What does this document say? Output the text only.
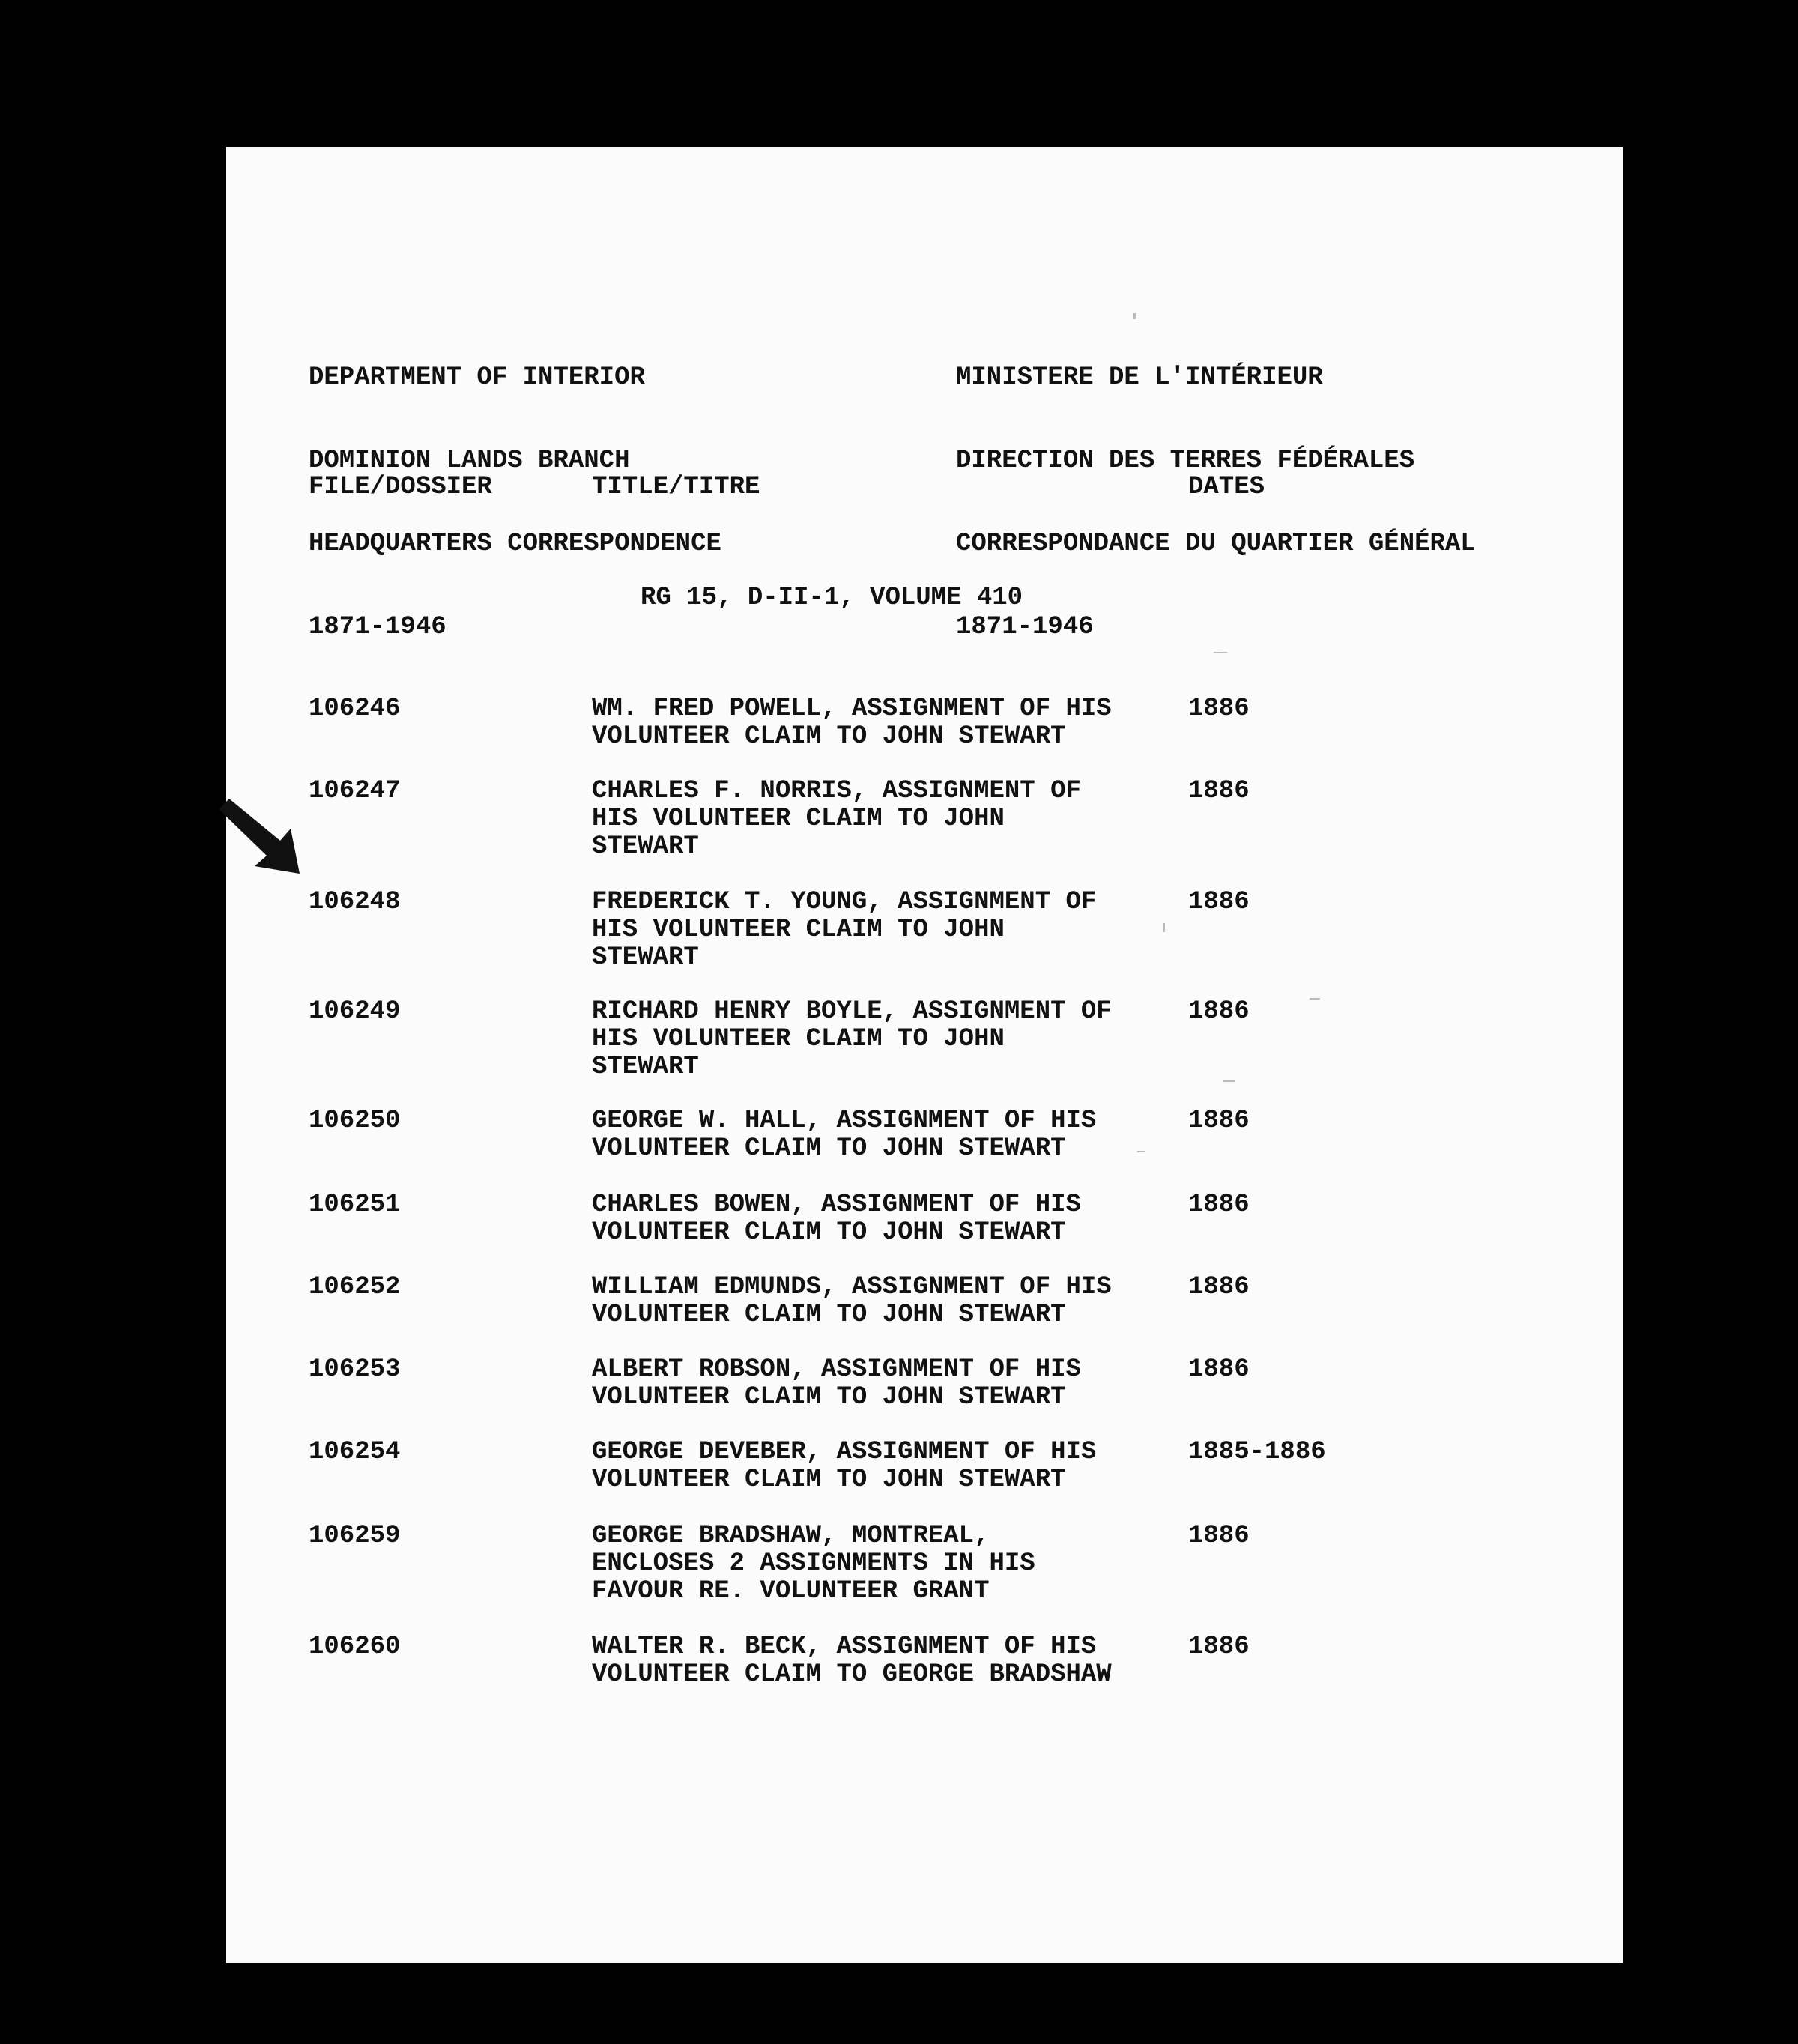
DEPARTMENT OF INTERIOR

DOMINION LANDS BRANCH

HEADQUARTERS CORRESPONDENCE

1871-1946

MINISTERE DE L'INTÉRIEUR

DIRECTION DES TERRES FÉDÉRALES

CORRESPONDANCE DU QUARTIER GÉNÉRAL

1871-1946

FILE/DOSSIER	TITLE/TITRE	DATES
RG 15, D-II-1, VOLUME 410
106246	WM. FRED POWELL, ASSIGNMENT OF HIS
VOLUNTEER CLAIM TO JOHN STEWART
1886
106247	CHARLES F. NORRIS, ASSIGNMENT OF
HIS VOLUNTEER CLAIM TO JOHN
STEWART
1886
106248	FREDERICK T. YOUNG, ASSIGNMENT OF
HIS VOLUNTEER CLAIM TO JOHN
STEWART
1886
106249	RICHARD HENRY BOYLE, ASSIGNMENT OF
HIS VOLUNTEER CLAIM TO JOHN
STEWART
1886
106250	GEORGE W. HALL, ASSIGNMENT OF HIS
VOLUNTEER CLAIM TO JOHN STEWART
1886
106251	CHARLES BOWEN, ASSIGNMENT OF HIS
VOLUNTEER CLAIM TO JOHN STEWART
1886
106252	WILLIAM EDMUNDS, ASSIGNMENT OF HIS
VOLUNTEER CLAIM TO JOHN STEWART
1886
106253	ALBERT ROBSON, ASSIGNMENT OF HIS
VOLUNTEER CLAIM TO JOHN STEWART
1886
106254	GEORGE DEVEBER, ASSIGNMENT OF HIS
VOLUNTEER CLAIM TO JOHN STEWART
1885-1886
106259	GEORGE BRADSHAW, MONTREAL,
ENCLOSES 2 ASSIGNMENTS IN HIS
FAVOUR RE. VOLUNTEER GRANT
1886
106260	WALTER R. BECK, ASSIGNMENT OF HIS
VOLUNTEER CLAIM TO GEORGE BRADSHAW
1886
